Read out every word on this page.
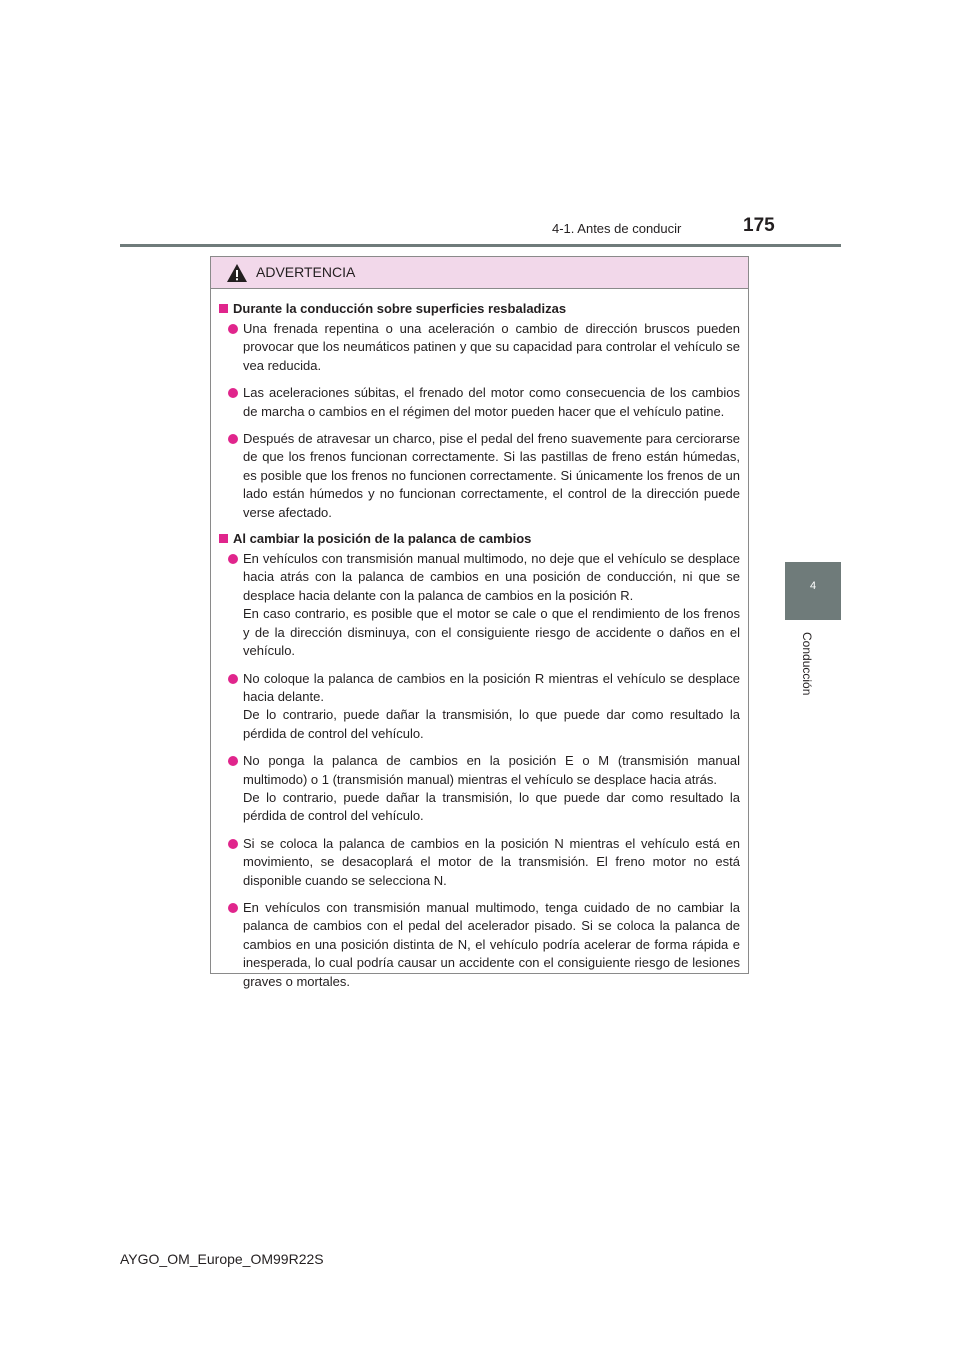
4-1. Antes de conducir	175
4
Conducción
ADVERTENCIA
Durante la conducción sobre superficies resbaladizas

Una frenada repentina o una aceleración o cambio de dirección bruscos pueden provocar que los neumáticos patinen y que su capacidad para controlar el vehículo se vea reducida.

Las aceleraciones súbitas, el frenado del motor como consecuencia de los cambios de marcha o cambios en el régimen del motor pueden hacer que el vehículo patine.

Después de atravesar un charco, pise el pedal del freno suavemente para cerciorarse de que los frenos funcionan correctamente. Si las pastillas de freno están húmedas, es posible que los frenos no funcionen correctamente. Si únicamente los frenos de un lado están húmedos y no funcionan correctamente, el control de la dirección puede verse afectado.

Al cambiar la posición de la palanca de cambios

En vehículos con transmisión manual multimodo, no deje que el vehículo se desplace hacia atrás con la palanca de cambios en una posición de conducción, ni que se desplace hacia delante con la palanca de cambios en la posición R.

En caso contrario, es posible que el motor se cale o que el rendimiento de los frenos y de la dirección disminuya, con el consiguiente riesgo de accidente o daños en el vehículo.

No coloque la palanca de cambios en la posición R mientras el vehículo se desplace hacia delante.

De lo contrario, puede dañar la transmisión, lo que puede dar como resultado la pérdida de control del vehículo.

No ponga la palanca de cambios en la posición E o M (transmisión manual multimodo) o 1 (transmisión manual) mientras el vehículo se desplace hacia atrás.

De lo contrario, puede dañar la transmisión, lo que puede dar como resultado la pérdida de control del vehículo.

Si se coloca la palanca de cambios en la posición N mientras el vehículo está en movimiento, se desacoplará el motor de la transmisión. El freno motor no está disponible cuando se selecciona N.

En vehículos con transmisión manual multimodo, tenga cuidado de no cambiar la palanca de cambios con el pedal del acelerador pisado. Si se coloca la palanca de cambios en una posición distinta de N, el vehículo podría acelerar de forma rápida e inesperada, lo cual podría causar un accidente con el consiguiente riesgo de lesiones graves o mortales.

AYGO_OM_Europe_OM99R22S
